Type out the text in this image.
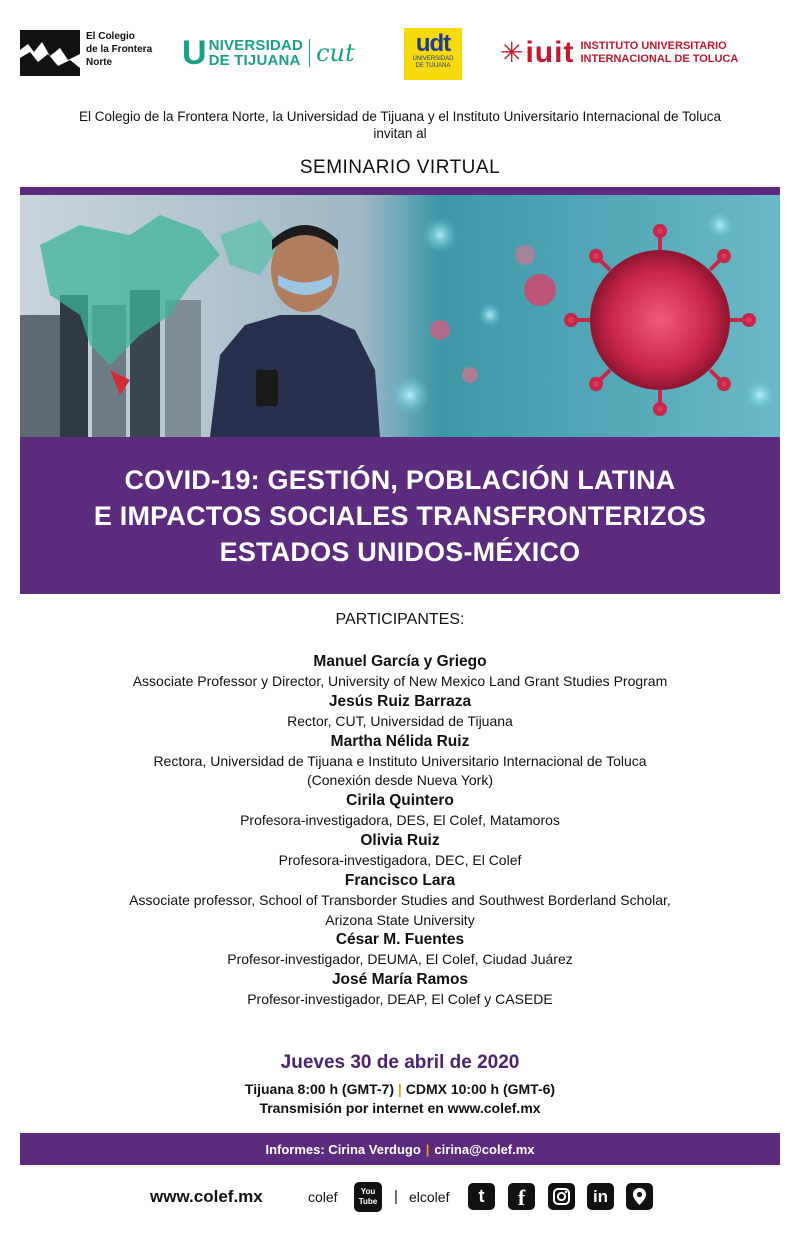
El Colegio
de la Frontera
Norte	U NIVERSIDAD
DE TIJUANA cut	udt
UNIVERSIDAD
DE TIJUANA	✳ iuit INSTITUTO UNIVERSITARIO
INTERNACIONAL DE TOLUCA
El Colegio de la Frontera Norte, la Universidad de Tijuana y el Instituto Universitario Internacional de Toluca
invitan al
SEMINARIO VIRTUAL
COVID-19: GESTIÓN, POBLACIÓN LATINA
E IMPACTOS SOCIALES TRANSFRONTERIZOS
ESTADOS UNIDOS-MÉXICO
PARTICIPANTES:
Manuel García y Griego
Associate Professor y Director, University of New Mexico Land Grant Studies Program
Jesús Ruiz Barraza
Rector, CUT, Universidad de Tijuana
Martha Nélida Ruiz
Rectora, Universidad de Tijuana e Instituto Universitario Internacional de Toluca
(Conexión desde Nueva York)
Cirila Quintero
Profesora-investigadora, DES, El Colef, Matamoros
Olivia Ruiz
Profesora-investigadora, DEC, El Colef
Francisco Lara
Associate professor, School of Transborder Studies and Southwest Borderland Scholar,
Arizona State University
César M. Fuentes
Profesor-investigador, DEUMA, El Colef, Ciudad Juárez
José María Ramos
Profesor-investigador, DEAP, El Colef y CASEDE
Jueves 30 de abril de 2020
Tijuana 8:00 h (GMT-7) | CDMX 10:00 h (GMT-6)
Transmisión por internet en www.colef.mx
Informes: Cirina Verdugo | cirina@colef.mx
www.colef.mx	colef	You
Tube	| elcolef	t	f	in
